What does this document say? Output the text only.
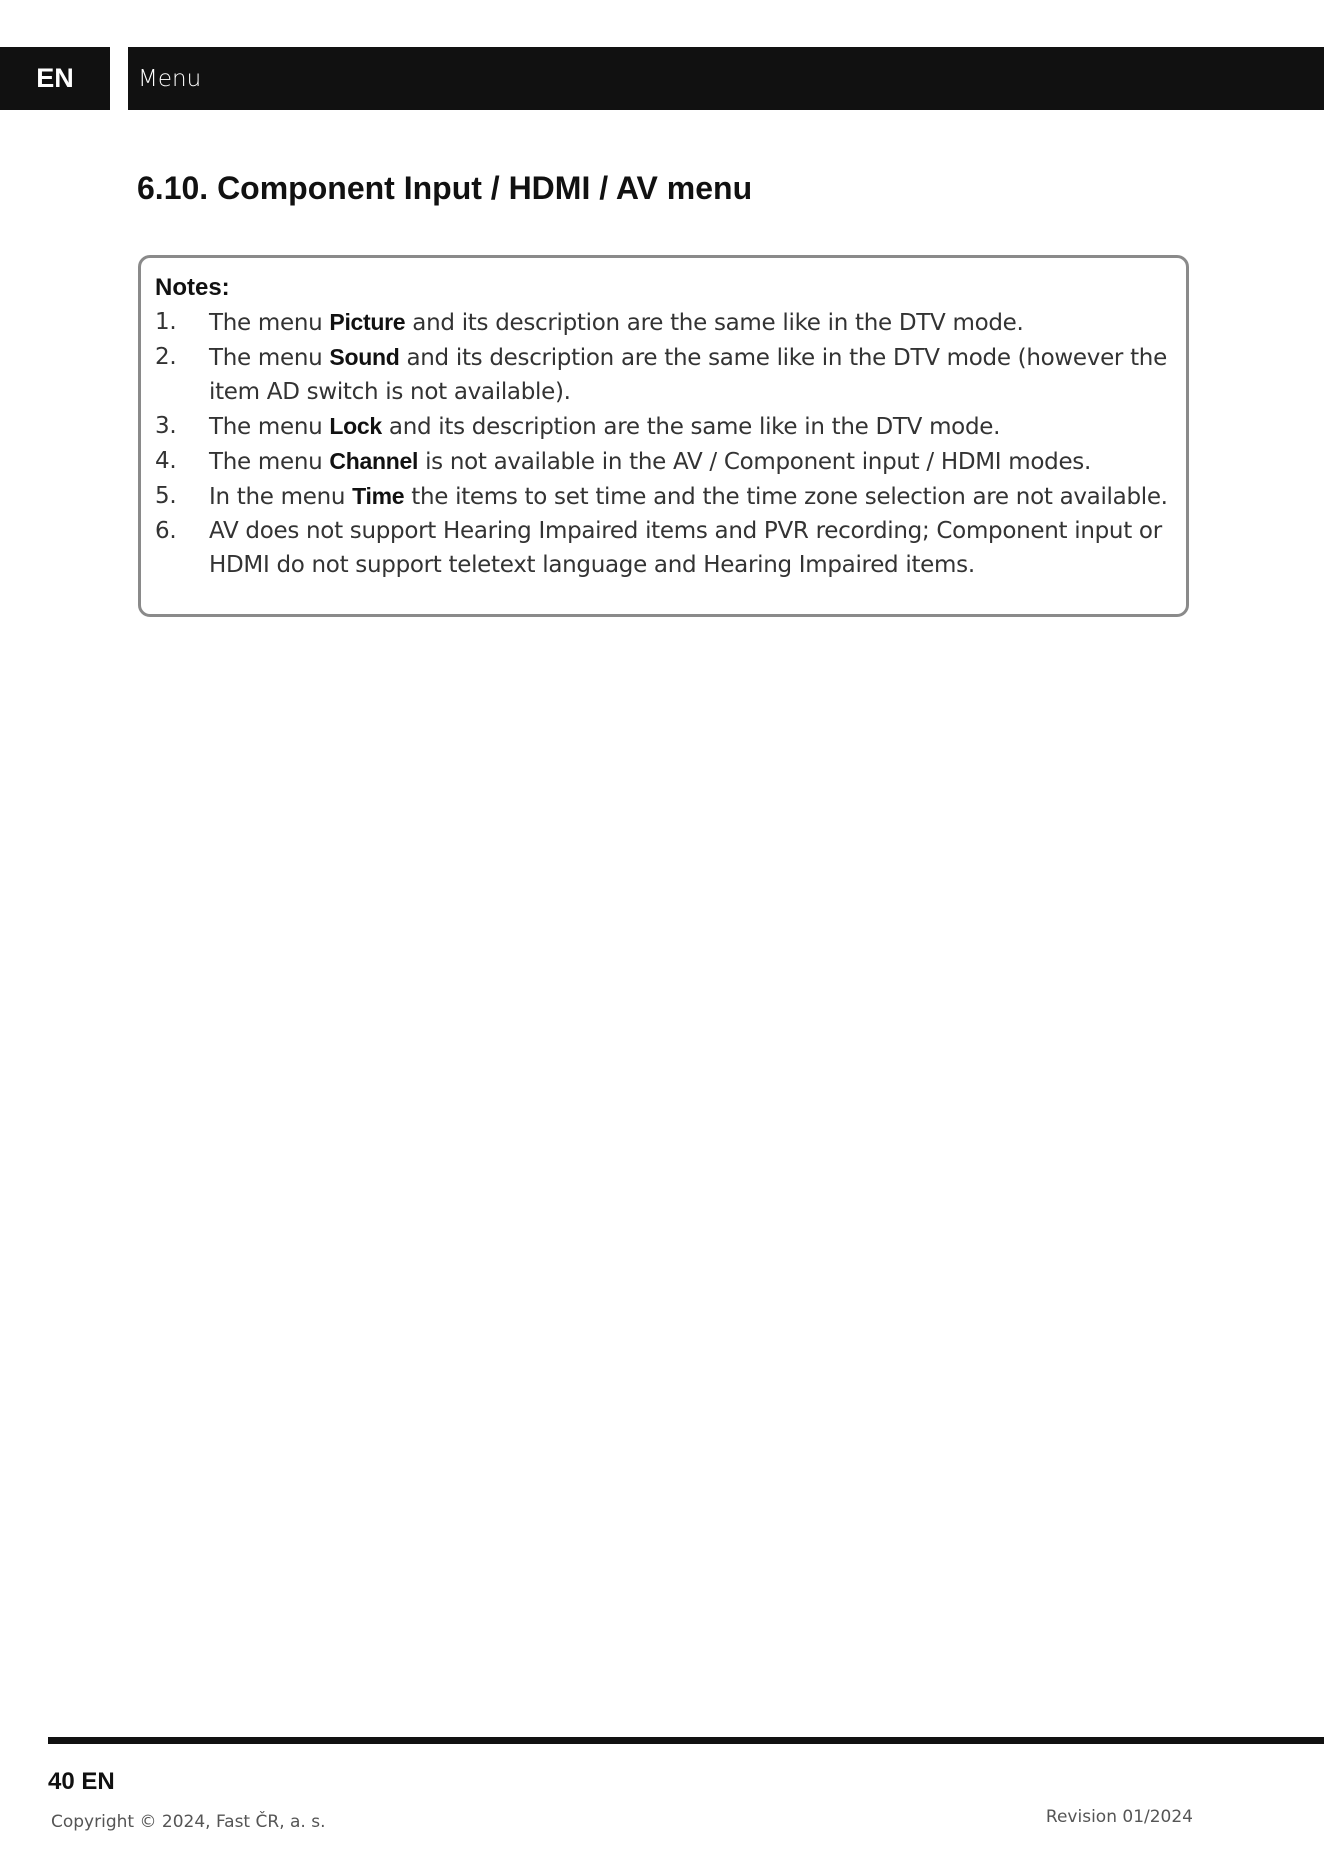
EN	Menu
6.10. Component Input / HDMI / AV menu

Notes:

1.	The menu Picture and its description are the same like in the DTV mode.
2.	The menu Sound and its description are the same like in the DTV mode (however the item AD switch is not available).
3.	The menu Lock and its description are the same like in the DTV mode.
4.	The menu Channel is not available in the AV / Component input / HDMI modes.
5.	In the menu Time the items to set time and the time zone selection are not available.
6.	AV does not support Hearing Impaired items and PVR recording; Component input or HDMI do not support teletext language and Hearing Impaired items.
40 EN
Copyright © 2024, Fast ČR, a. s.	Revision 01/2024
